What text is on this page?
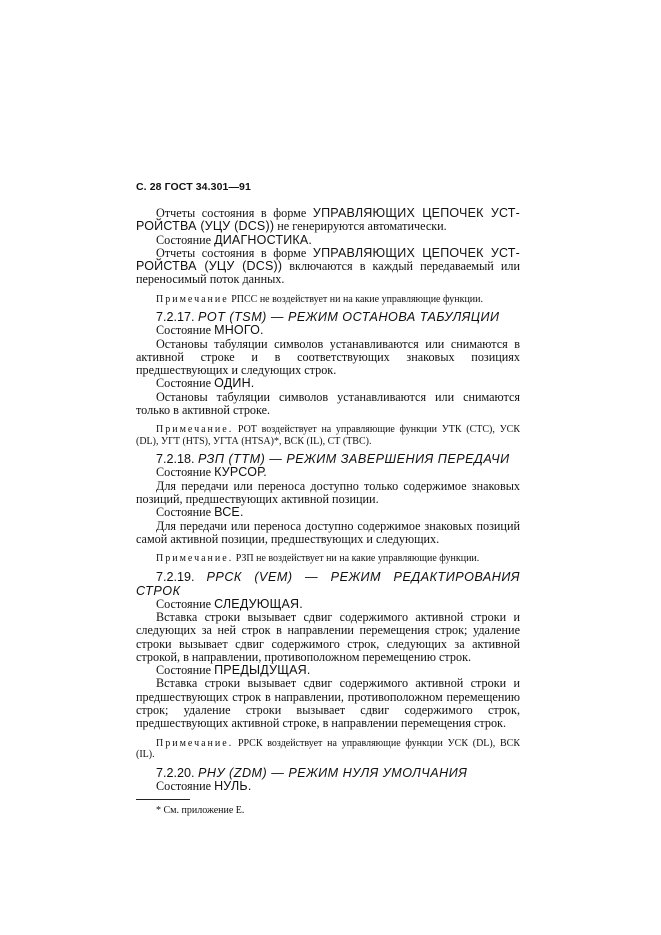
С. 28 ГОСТ 34.301—91

Отчеты состояния в форме УПРАВЛЯЮЩИХ ЦЕПОЧЕК УСТ-РОЙСТВА (УЦУ (DCS)) не генерируются автоматически.

Состояние ДИАГНОСТИКА.

Отчеты состояния в форме УПРАВЛЯЮЩИХ ЦЕПОЧЕК УСТ-РОЙСТВА (УЦУ (DCS)) включаются в каждый передаваемый или переносимый поток данных.

Примечание РПСС не воздействует ни на какие управляющие функции.

7.2.17. РОТ (TSM) — РЕЖИМ ОСТАНОВА ТАБУЛЯЦИИ

Состояние МНОГО.

Остановы табуляции символов устанавливаются или снимаются в активной строке и в соответствующих знаковых позициях предшествующих и следующих строк.

Состояние ОДИН.

Остановы табуляции символов устанавливаются или снимаются только в активной строке.

Примечание. РОТ воздействует на управляющие функции УТК (СТС), УСК (DL), УГТ (HTS), УГТА (HTSA)*, ВСК (IL), СТ (TBC).

7.2.18. РЗП (TTM) — РЕЖИМ ЗАВЕРШЕНИЯ ПЕРЕДАЧИ

Состояние КУРСОР.

Для передачи или переноса доступно только содержимое знаковых позиций, предшествующих активной позиции.

Состояние ВСЕ.

Для передачи или переноса доступно содержимое знаковых позиций самой активной позиции, предшествующих и следующих.

Примечание. РЗП не воздействует ни на какие управляющие функции.

7.2.19. РРСК (VEM) — РЕЖИМ РЕДАКТИРОВАНИЯ СТРОК

Состояние СЛЕДУЮЩАЯ.

Вставка строки вызывает сдвиг содержимого активной строки и следующих за ней строк в направлении перемещения строк; удаление строки вызывает сдвиг содержимого строк, следующих за активной строкой, в направлении, противоположном перемещению строк.

Состояние ПРЕДЫДУЩАЯ.

Вставка строки вызывает сдвиг содержимого активной строки и предшествующих строк в направлении, противоположном перемещению строк; удаление строки вызывает сдвиг содержимого строк, предшествующих активной строке, в направлении перемещения строк.

Примечание. РРСК воздействует на управляющие функции УСК (DL), ВСК (IL).

7.2.20. РНУ (ZDM) — РЕЖИМ НУЛЯ УМОЛЧАНИЯ

Состояние НУЛЬ.

* См. приложение Е.
